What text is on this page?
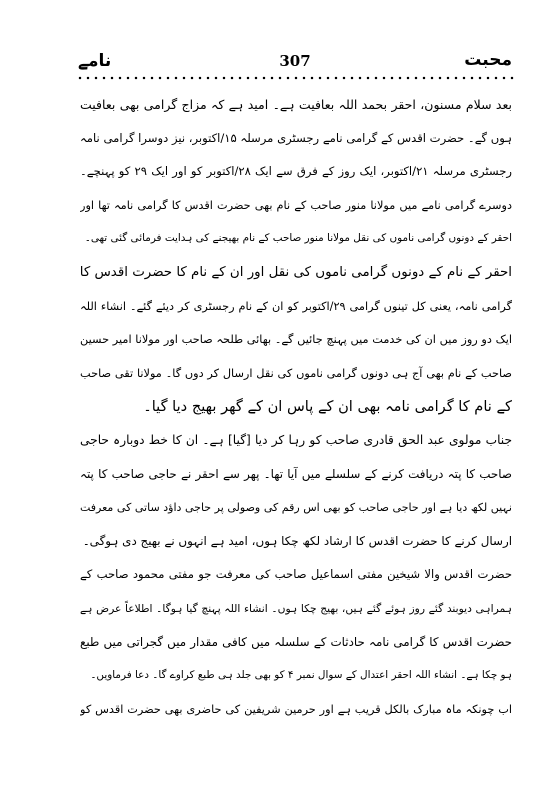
محبت
307
نامے
بعد سلام مسنون، احقر بحمد اللہ بعافیت ہے۔ امید ہے کہ مزاج گرامی بھی بعافیت
ہوں گے۔ حضرت اقدس کے گرامی نامے رجسٹری مرسلہ ۱۵/اکتوبر، نیز دوسرا گرامی نامہ
رجسٹری مرسلہ ۲۱/اکتوبر، ایک روز کے فرق سے ایک ۲۸/اکتوبر کو اور ایک ۲۹ کو پہنچے۔
دوسرے گرامی نامے میں مولانا منور صاحب کے نام بھی حضرت اقدس کا گرامی نامہ تھا اور
احقر کے دونوں گرامی ناموں کی نقل مولانا منور صاحب کے نام بھیجنے کی ہدایت فرمائی گئی تھی۔
احقر کے نام کے دونوں گرامی ناموں کی نقل اور ان کے نام کا حضرت اقدس کا
گرامی نامہ، یعنی کل تینوں گرامی ۲۹/اکتوبر کو ان کے نام رجسٹری کر دیئے گئے۔ انشاء اللہ
ایک دو روز میں ان کی خدمت میں پہنچ جائیں گے۔ بھائی طلحہ صاحب اور مولانا امیر حسین
صاحب کے نام بھی آج ہی دونوں گرامی ناموں کی نقل ارسال کر دوں گا۔ مولانا تقی صاحب
کے نام کا گرامی نامہ بھی ان کے پاس ان کے گھر بھیج دیا گیا۔
جناب مولوی عبد الحق قادری صاحب کو رہا کر دیا [گیا] ہے۔ ان کا خط دوبارہ حاجی
صاحب کا پتہ دریافت کرنے کے سلسلے میں آیا تھا۔ پھر سے احقر نے حاجی صاحب کا پتہ
نہیں لکھ دیا ہے اور حاجی صاحب کو بھی اس رقم کی وصولی پر حاجی داؤد ساتی کی معرفت
ارسال کرنے کا حضرت اقدس کا ارشاد لکھ چکا ہوں، امید ہے انہوں نے بھیج دی ہوگی۔
حضرت اقدس والا شیخین مفتی اسماعیل صاحب کی معرفت جو مفتی محمود صاحب کے
ہمراہی دیوبند گئے روز ہوئے گئے ہیں، بھیج چکا ہوں۔ انشاء اللہ پہنچ گیا ہوگا۔ اطلاعاً عرض ہے
حضرت اقدس کا گرامی نامہ حادثات کے سلسلہ میں کافی مقدار میں گجراتی میں طبع
ہو چکا ہے۔ انشاء اللہ احقر اعتدال کے سوال نمبر ۴ کو بھی جلد ہی طبع کراوے گا۔ دعا فرماویں۔
اب چونکہ ماہ مبارک بالکل قریب ہے اور حرمین شریفین کی حاضری بھی حضرت اقدس کو
